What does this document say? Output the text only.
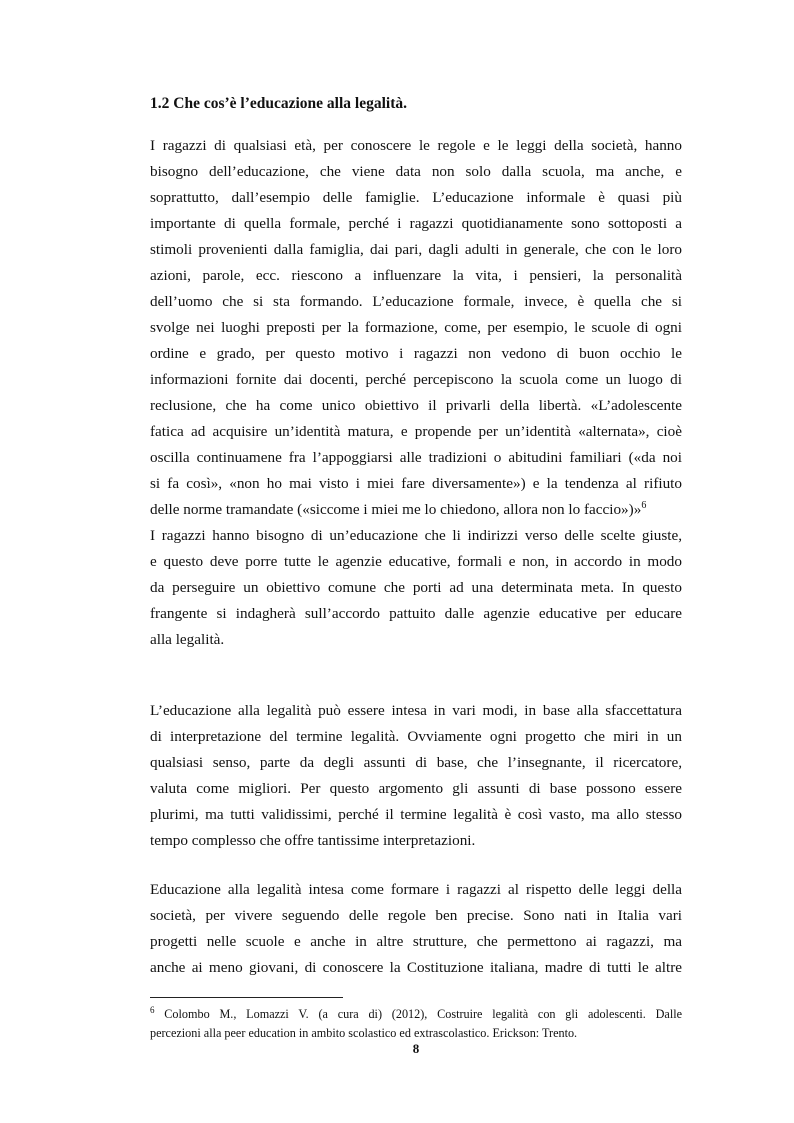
1.2 Che cos’è l’educazione alla legalità.
I ragazzi di qualsiasi età, per conoscere le regole e le leggi della società, hanno
bisogno dell’educazione, che viene data non solo dalla scuola, ma anche, e
soprattutto, dall’esempio delle famiglie. L’educazione informale è quasi più
importante di quella formale, perché i ragazzi quotidianamente sono sottoposti a
stimoli provenienti dalla famiglia, dai pari, dagli adulti in generale, che con le loro
azioni, parole, ecc. riescono a influenzare la vita, i pensieri, la personalità
dell’uomo che si sta formando. L’educazione formale, invece, è quella che si
svolge nei luoghi preposti per la formazione, come, per esempio, le scuole di ogni
ordine e grado, per questo motivo i ragazzi non vedono di buon occhio le
informazioni fornite dai docenti, perché percepiscono la scuola come un luogo di
reclusione, che ha come unico obiettivo il privarli della libertà. «L’adolescente
fatica ad acquisire un’identità matura, e propende per un’identità «alternata», cioè
oscilla continuamene fra l’appoggiarsi alle tradizioni o abitudini familiari («da noi
si fa così», «non ho mai visto i miei fare diversamente») e la tendenza al rifiuto
delle norme tramandate («siccome i miei me lo chiedono, allora non lo faccio»)»$^6$
I ragazzi hanno bisogno di un’educazione che li indirizzi verso delle scelte giuste,
e questo deve porre tutte le agenzie educative, formali e non, in accordo in modo
da perseguire un obiettivo comune che porti ad una determinata meta. In questo
frangente si indagherà sull’accordo pattuito dalle agenzie educative per educare
alla legalità.
L’educazione alla legalità può essere intesa in vari modi, in base alla sfaccettatura
di interpretazione del termine legalità. Ovviamente ogni progetto che miri in un
qualsiasi senso, parte da degli assunti di base, che l’insegnante, il ricercatore,
valuta come migliori. Per questo argomento gli assunti di base possono essere
plurimi, ma tutti validissimi, perché il termine legalità è così vasto, ma allo stesso
tempo complesso che offre tantissime interpretazioni.
Educazione alla legalità intesa come formare i ragazzi al rispetto delle leggi della
società, per vivere seguendo delle regole ben precise. Sono nati in Italia vari
progetti nelle scuole e anche in altre strutture, che permettono ai ragazzi, ma
anche ai meno giovani, di conoscere la Costituzione italiana, madre di tutti le altre
$^6$ Colombo M., Lomazzi V. (a cura di) (2012), Costruire legalità con gli adolescenti. Dalle
percezioni alla peer education in ambito scolastico ed extrascolastico. Erickson: Trento.
8
